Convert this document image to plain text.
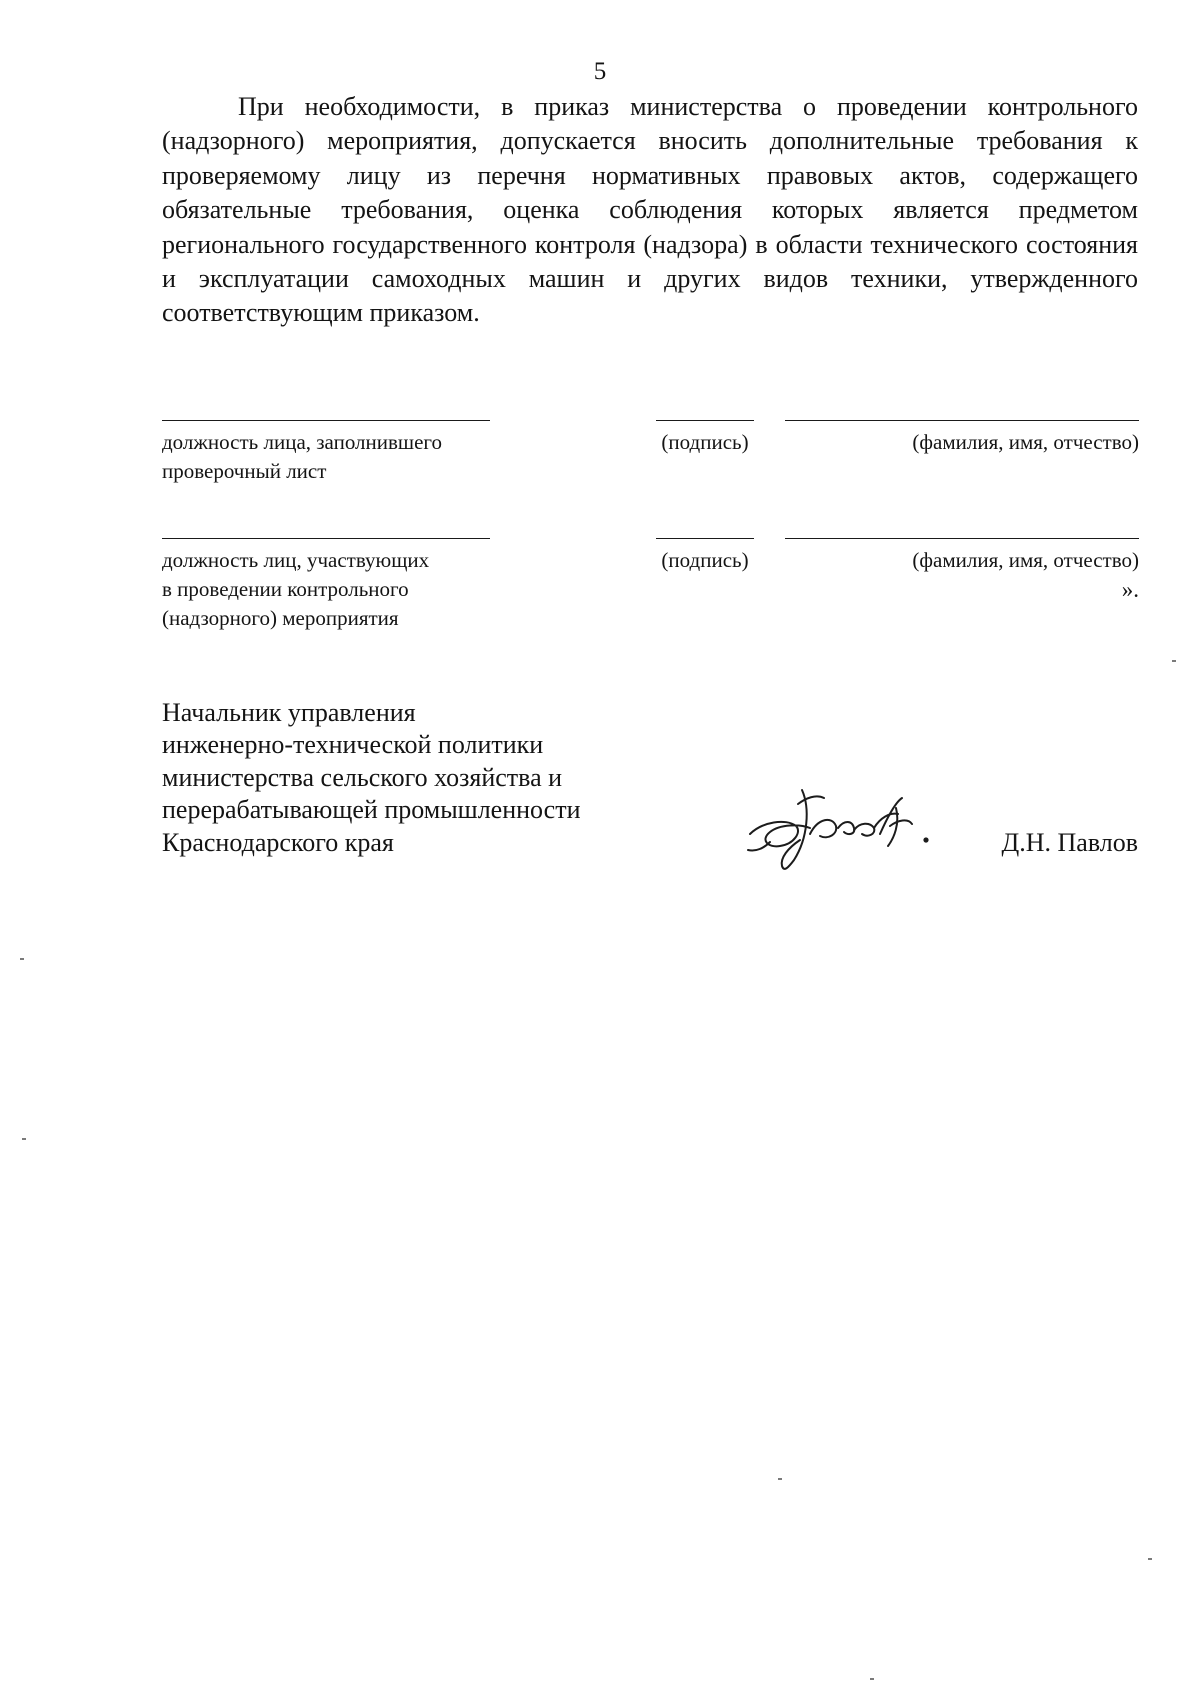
5

При необходимости, в приказ министерства о проведении контрольного (надзорного) мероприятия, допускается вносить дополнительные требования к проверяемому лицу из перечня нормативных правовых актов, содержащего обязательные требования, оценка соблюдения которых является предметом регионального государственного контроля (надзора) в области технического состояния и эксплуатации самоходных машин и других видов техники, утвержденного соответствующим приказом.

должность лица, заполнившего
проверочный лист
(подпись)	(фамилия, имя, отчество)
должность лиц, участвующих
в проведении контрольного
(надзорного) мероприятия
(подпись)	(фамилия, имя, отчество)
».
Начальник управления
инженерно-технической политики
министерства сельского хозяйства и
перерабатывающей промышленности
Краснодарского края	Д.Н. Павлов
